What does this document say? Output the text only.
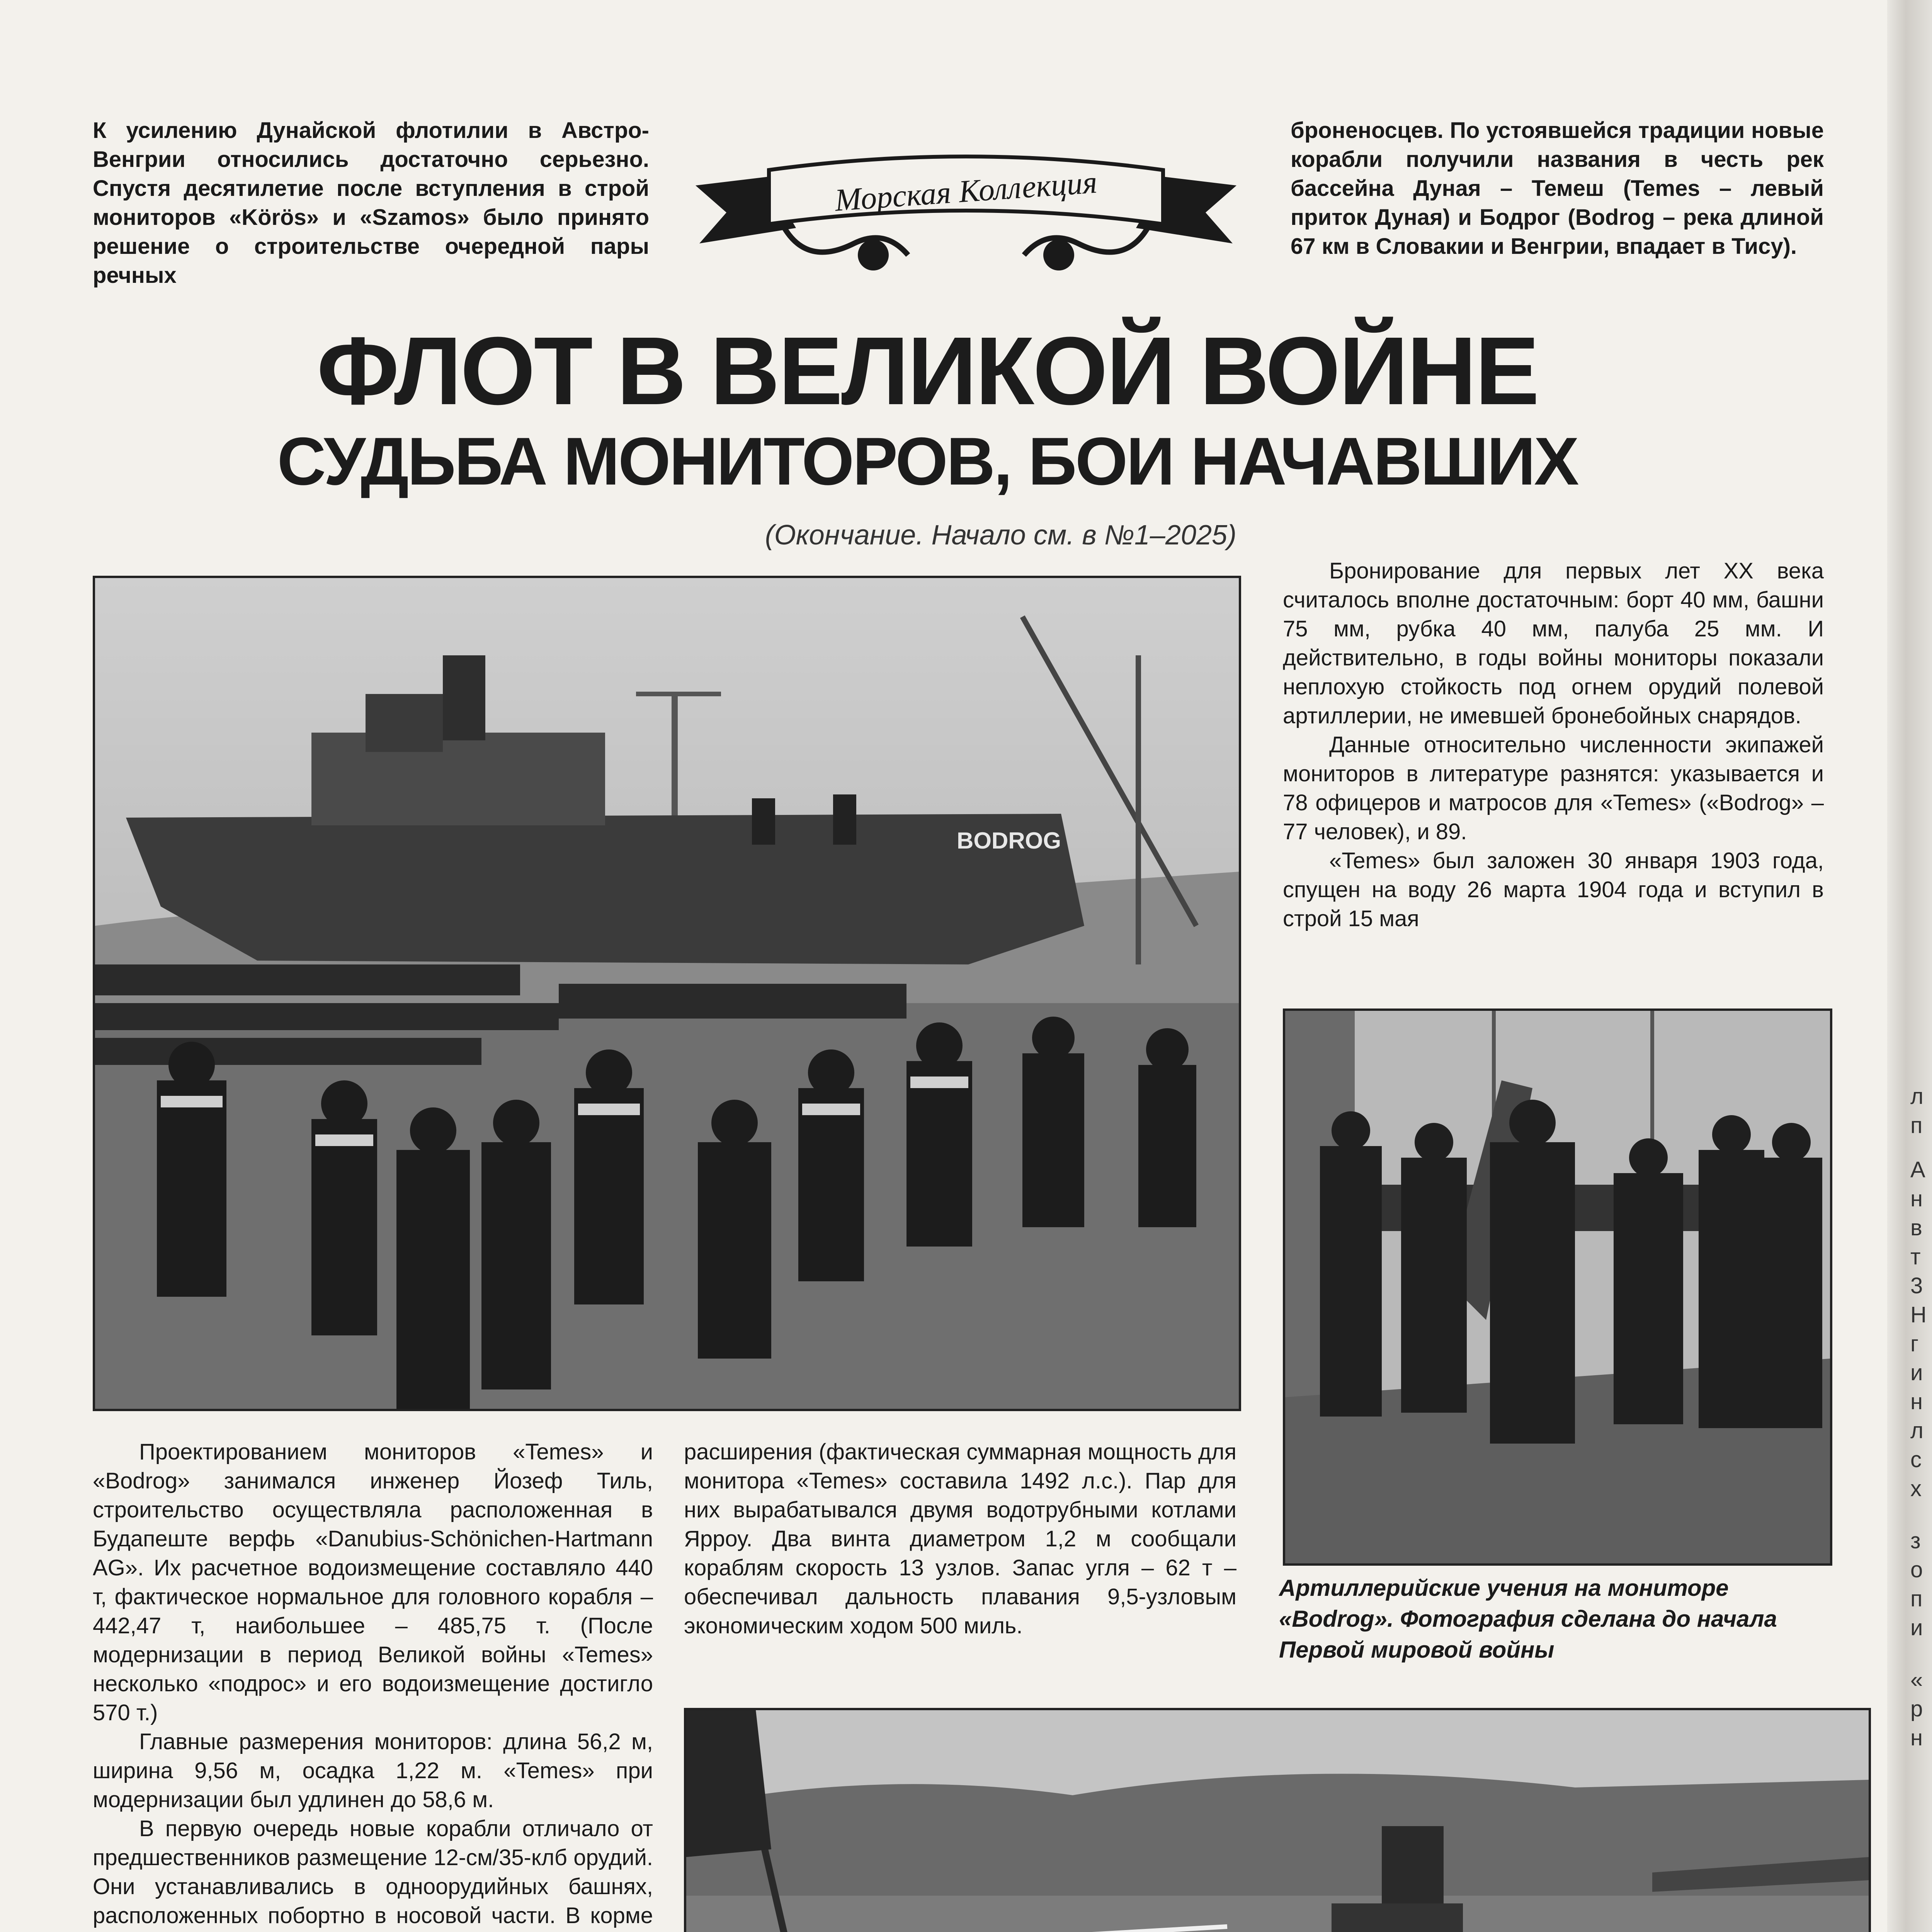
л
п
А
н
в
т
3
Н
г
и
н
л
с
х
з
о
п
и
«
р
н

К усилению Дунайской флотилии в Австро-Венгрии относились достаточно серьезно. Спустя десятилетие после вступления в строй мониторов «Körös» и «Szamos» было принято решение о строительстве очередной пары речных

Морская Коллекция

броненосцев. По устоявшейся традиции новые корабли получили названия в честь рек бассейна Дуная – Темеш (Temes – левый приток Дуная) и Бодрог (Bodrog – река длиной 67 км в Словакии и Венгрии, впадает в Тису).

ФЛОТ В ВЕЛИКОЙ ВОЙНЕ
СУДЬБА МОНИТОРОВ, БОИ НАЧАВШИХ
(Окончание. Начало см. в №1–2025)
BODROG

Бронирование для первых лет XX века считалось вполне достаточным: борт 40 мм, башни 75 мм, рубка 40 мм, палуба 25 мм. И действительно, в годы войны мониторы показали неплохую стойкость под огнем орудий полевой артиллерии, не имевшей бронебойных снарядов.

Данные относительно численности экипажей мониторов в литературе разнятся: указывается и 78 офицеров и матросов для «Temes» («Bodrog» – 77 человек), и 89.

«Temes» был заложен 30 января 1903 года, спущен на воду 26 марта 1904 года и вступил в строй 15 мая

Артиллерийские учения на мониторе «Bodrog». Фотография сделана до начала Первой мировой войны

Проектированием мониторов «Temes» и «Bodrog» занимался инженер Йозеф Тиль, строительство осуществляла расположенная в Будапеште верфь «Danubius-Schönichen-Hartmann AG». Их расчетное водоизмещение составляло 440 т, фактическое нормальное для головного корабля – 442,47 т, наибольшее – 485,75 т. (После модернизации в период Великой войны «Temes» несколько «подрос» и его водоизмещение достигло 570 т.)

Главные размерения мониторов: длина 56,2 м, ширина 9,56 м, осадка 1,22 м. «Temes» при модернизации был удлинен до 58,6 м.

В первую очередь новые корабли отличало от предшественников размещение 12-см/35-клб орудий. Они устанавливались в одноорудийных башнях, расположенных побортно в носовой части. В корме

расширения (фактическая суммарная мощность для монитора «Temes» составила 1492 л.с.). Пар для них вырабатывался двумя водотрубными котлами Ярроу. Два винта диаметром 1,2 м сообщали кораблям скорость 13 узлов. Запас угля – 62 т – обеспечивал дальность плавания 9,5-узловым экономическим ходом 500 миль.
